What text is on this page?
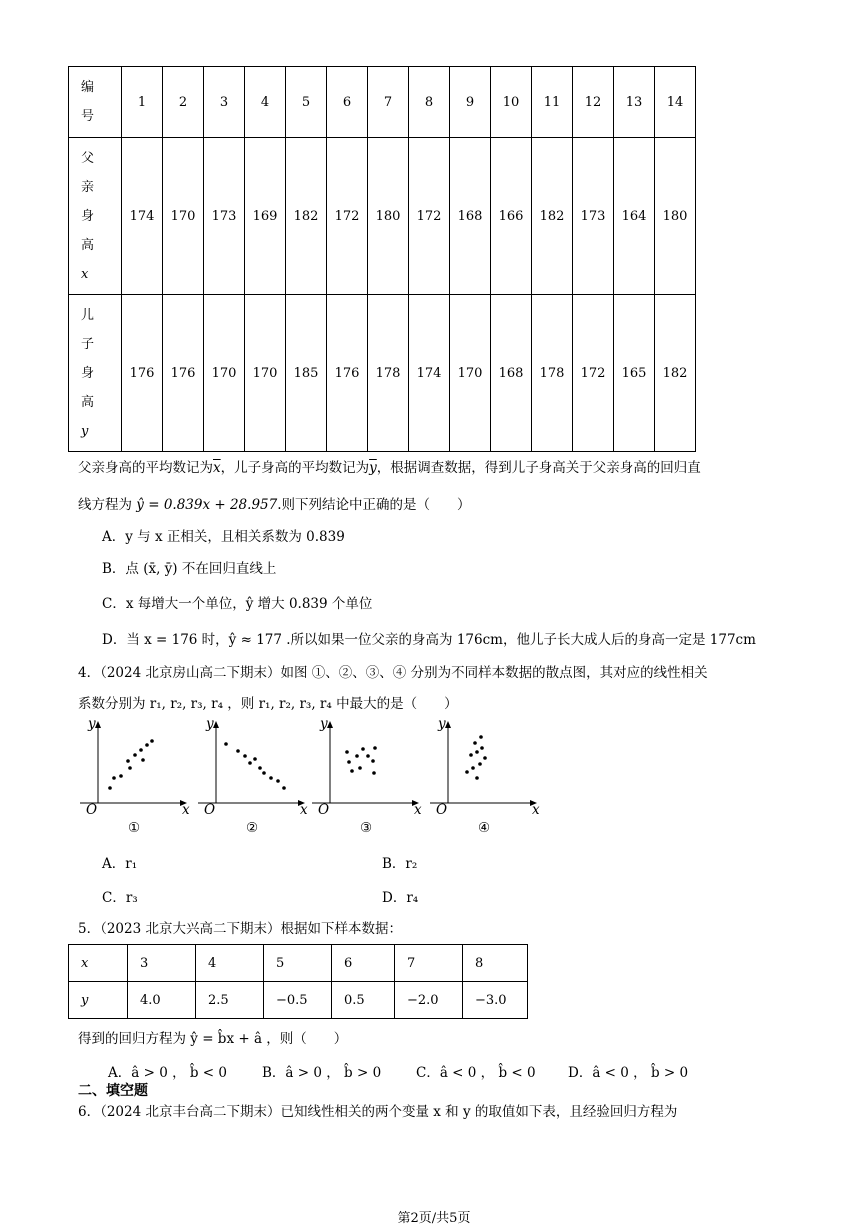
编
号	1	2	3	4	5	6	7	8	9	10	11	12	13	14

父
亲
身
高
x	174	170	173	169	182	172	180	172	168	166	182	173	164	180

儿
子
身
高
y	176	176	170	170	185	176	178	174	170	168	178	172	165	182
父亲身高的平均数记为$\overline{x}$，儿子身高的平均数记为$\overline{y}$，根据调查数据，得到儿子身高关于父亲身高的回归直
线方程为 ŷ = 0.839x + 28.957.则下列结论中正确的是（　　）
A．y 与 x 正相关，且相关系数为 0.839
B．点 (x̄, ȳ) 不在回归直线上
C．x 每增大一个单位，ŷ 增大 0.839 个单位
D．当 x = 176 时，ŷ ≈ 177 .所以如果一位父亲的身高为 176cm，他儿子长大成人后的身高一定是 177cm
4．（2024 北京房山高二下期末）如图 ①、②、③、④ 分别为不同样本数据的散点图，其对应的线性相关
系数分别为 r₁, r₂, r₃, r₄ ，则 r₁, r₂, r₃, r₄ 中最大的是（　　）
y
O	x
①
y
O	x
②
y
O	x
③
y
O	x
④
A．r₁	B．r₂
C．r₃	D．r₄
5．（2023 北京大兴高二下期末）根据如下样本数据：
x	3	4	5	6	7	8
y	4.0	2.5	−0.5	0.5	−2.0	−3.0
得到的回归方程为 ŷ = b̂x + â ，则（　　）
A．â > 0 ， b̂ < 0	B．â > 0 ， b̂ > 0	C．â < 0 ， b̂ < 0 D．â < 0 ， b̂ > 0
二、填空题
6．（2024 北京丰台高二下期末）已知线性相关的两个变量 x 和 y 的取值如下表，且经验回归方程为
第2页/共5页
